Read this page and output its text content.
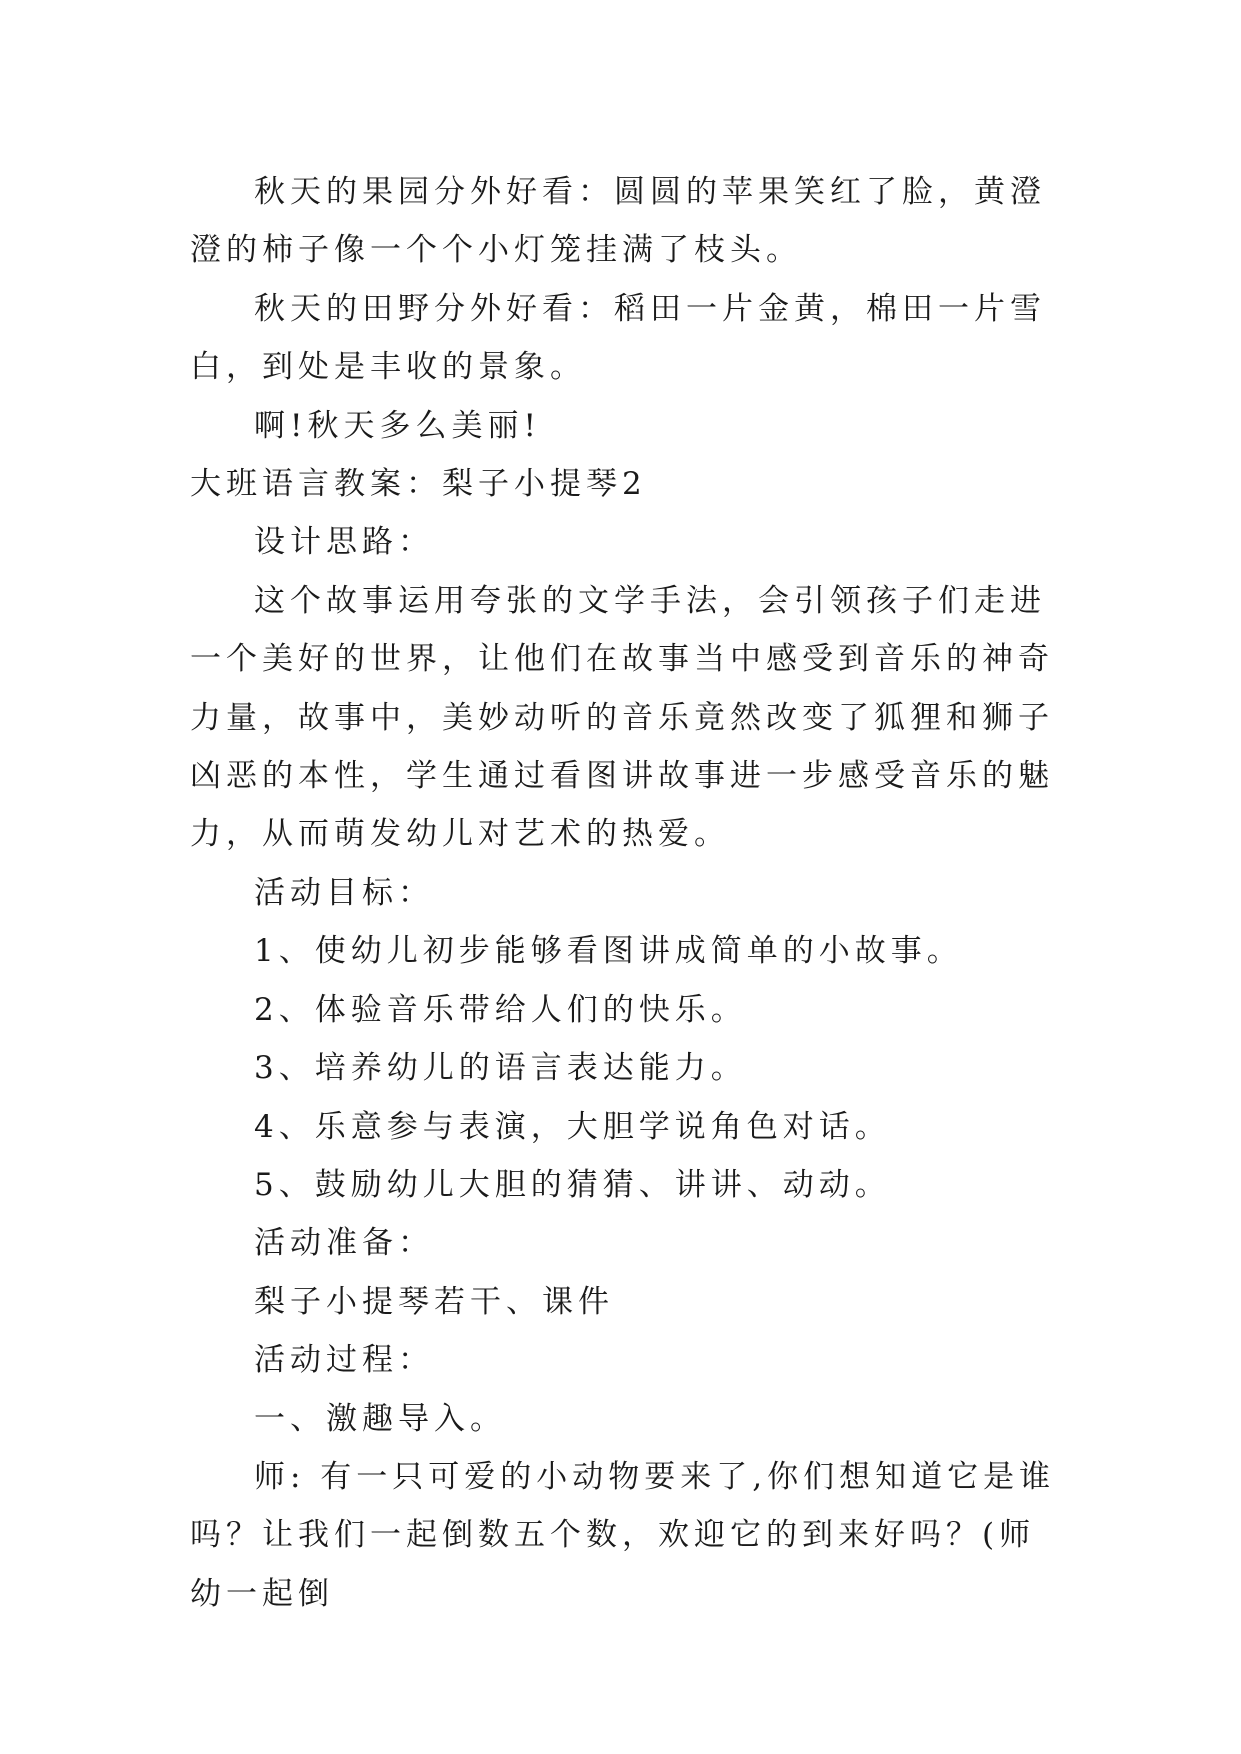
秋天的果园分外好看：圆圆的苹果笑红了脸，黄澄澄的柿子像一个个小灯笼挂满了枝头。

秋天的田野分外好看：稻田一片金黄，棉田一片雪白，到处是丰收的景象。

啊!秋天多么美丽!

大班语言教案：梨子小提琴2

设计思路：

这个故事运用夸张的文学手法，会引领孩子们走进一个美好的世界，让他们在故事当中感受到音乐的神奇力量，故事中，美妙动听的音乐竟然改变了狐狸和狮子凶恶的本性，学生通过看图讲故事进一步感受音乐的魅力，从而萌发幼儿对艺术的热爱。

活动目标：

1、使幼儿初步能够看图讲成简单的小故事。

2、体验音乐带给人们的快乐。

3、培养幼儿的语言表达能力。

4、乐意参与表演，大胆学说角色对话。

5、鼓励幼儿大胆的猜猜、讲讲、动动。

活动准备：

梨子小提琴若干、课件

活动过程：

一、激趣导入。

师: 有一只可爱的小动物要来了,你们想知道它是谁吗？让我们一起倒数五个数，欢迎它的到来好吗？(师幼一起倒
